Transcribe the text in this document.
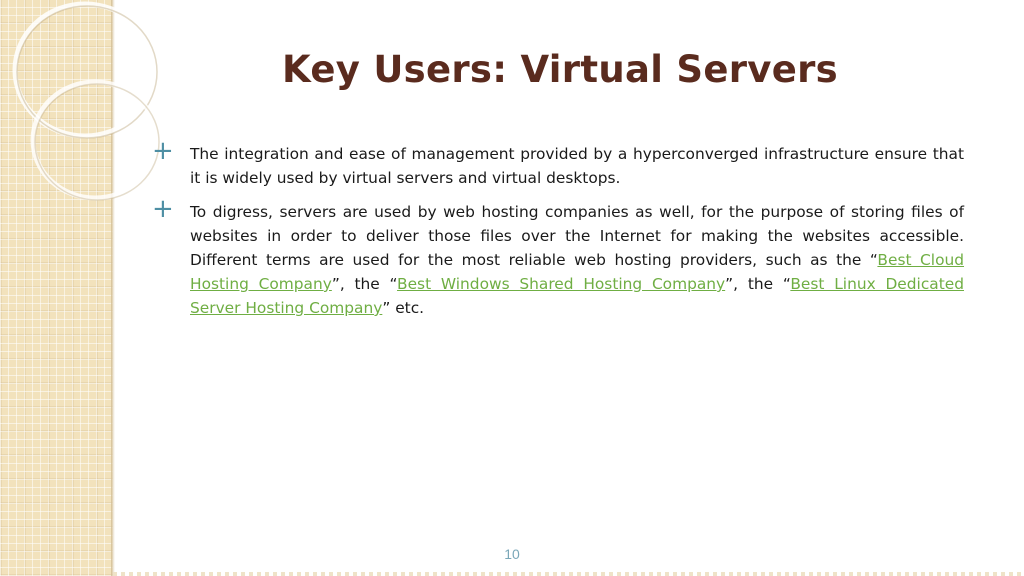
Key Users: Virtual Servers
+ The integration and ease of management provided by a hyperconverged infrastructure ensure that it is widely used by virtual servers and virtual desktops.

+ To digress, servers are used by web hosting companies as well, for the purpose of storing files of websites in order to deliver those files over the Internet for making the websites accessible. Different terms are used for the most reliable web hosting providers, such as the “Best Cloud Hosting Company”, the “Best Windows Shared Hosting Company”, the “Best Linux Dedicated Server Hosting Company” etc.

10
